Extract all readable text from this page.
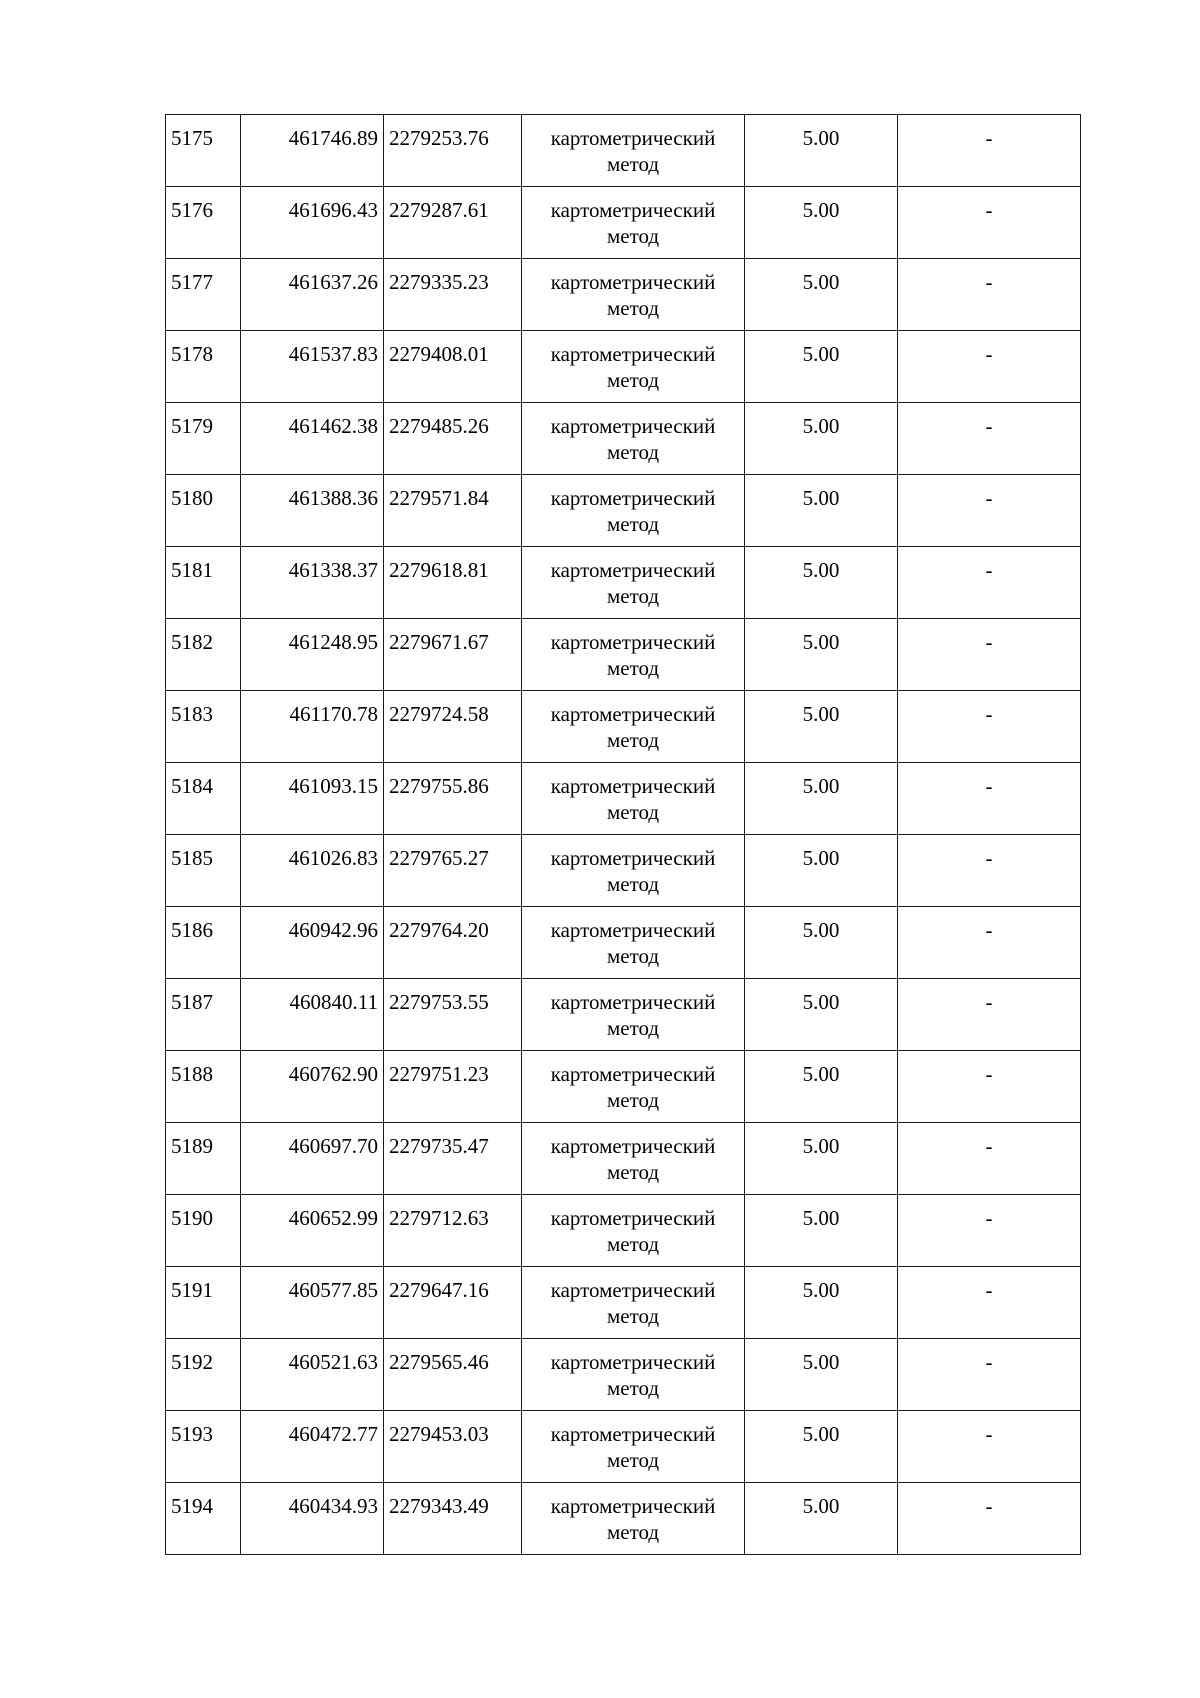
5175	461746.89	2279253.76	картометрический
метод	5.00	-
5176	461696.43	2279287.61	картометрический
метод	5.00	-
5177	461637.26	2279335.23	картометрический
метод	5.00	-
5178	461537.83	2279408.01	картометрический
метод	5.00	-
5179	461462.38	2279485.26	картометрический
метод	5.00	-
5180	461388.36	2279571.84	картометрический
метод	5.00	-
5181	461338.37	2279618.81	картометрический
метод	5.00	-
5182	461248.95	2279671.67	картометрический
метод	5.00	-
5183	461170.78	2279724.58	картометрический
метод	5.00	-
5184	461093.15	2279755.86	картометрический
метод	5.00	-
5185	461026.83	2279765.27	картометрический
метод	5.00	-
5186	460942.96	2279764.20	картометрический
метод	5.00	-
5187	460840.11	2279753.55	картометрический
метод	5.00	-
5188	460762.90	2279751.23	картометрический
метод	5.00	-
5189	460697.70	2279735.47	картометрический
метод	5.00	-
5190	460652.99	2279712.63	картометрический
метод	5.00	-
5191	460577.85	2279647.16	картометрический
метод	5.00	-
5192	460521.63	2279565.46	картометрический
метод	5.00	-
5193	460472.77	2279453.03	картометрический
метод	5.00	-
5194	460434.93	2279343.49	картометрический
метод	5.00	-
